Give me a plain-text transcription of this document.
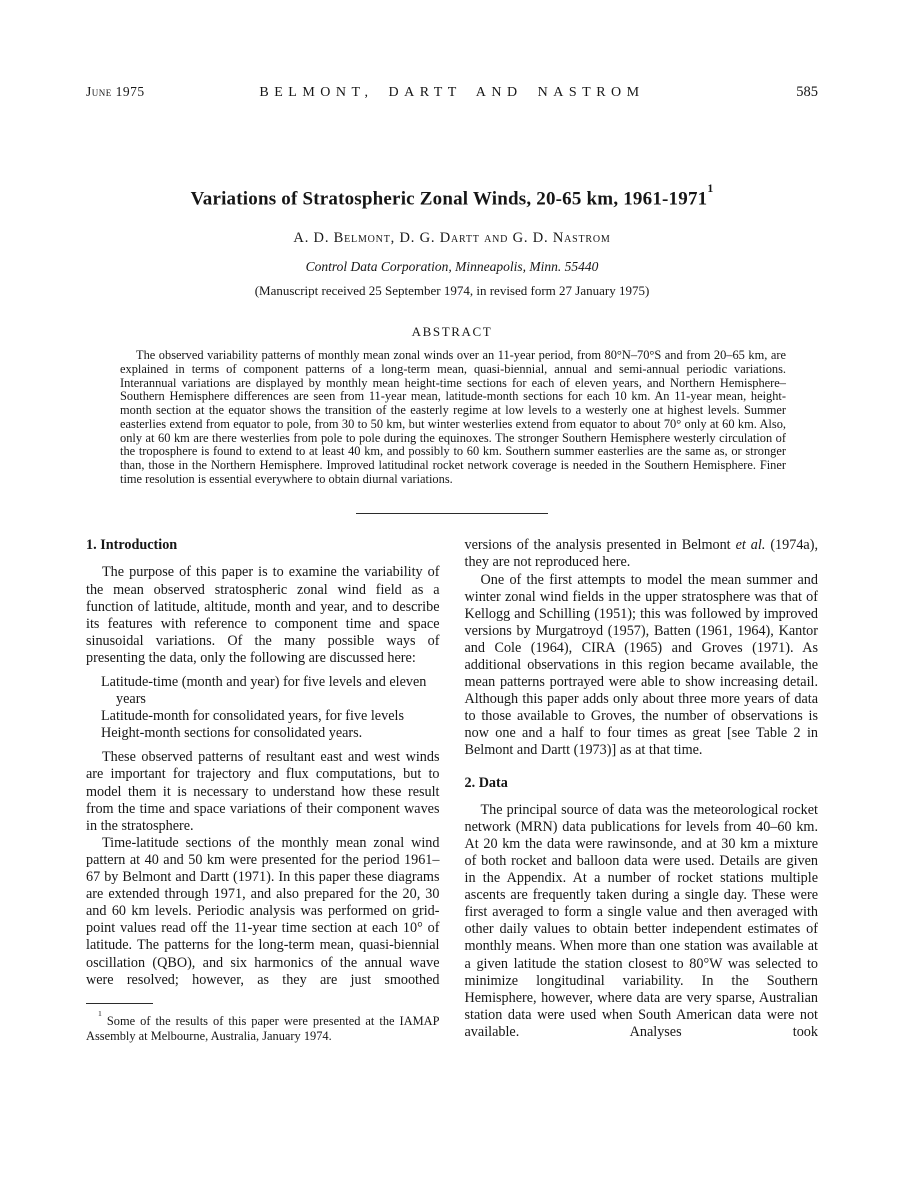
June 1975	BELMONT, DARTT AND NASTROM	585
Variations of Stratospheric Zonal Winds, 20-65 km, 1961-1971$^1$
A. D. Belmont, D. G. Dartt and G. D. Nastrom
Control Data Corporation, Minneapolis, Minn. 55440
(Manuscript received 25 September 1974, in revised form 27 January 1975)
ABSTRACT

The observed variability patterns of monthly mean zonal winds over an 11-year period, from 80°N–70°S and from 20–65 km, are explained in terms of component patterns of a long-term mean, quasi-biennial, annual and semi-annual periodic variations. Interannual variations are displayed by monthly mean height-time sections for each of eleven years, and Northern Hemisphere–Southern Hemisphere differences are seen from 11-year mean, latitude-month sections for each 10 km. An 11-year mean, height-month section at the equator shows the transition of the easterly regime at low levels to a westerly one at highest levels. Summer easterlies extend from equator to pole, from 30 to 50 km, but winter westerlies extend from equator to about 70° only at 60 km. Also, only at 60 km are there westerlies from pole to pole during the equinoxes. The stronger Southern Hemisphere westerly circulation of the troposphere is found to extend to at least 40 km, and possibly to 60 km. Southern summer easterlies are the same as, or stronger than, those in the Northern Hemisphere. Improved latitudinal rocket network coverage is needed in the Southern Hemisphere. Finer time resolution is essential everywhere to obtain diurnal variations.

1. Introduction

The purpose of this paper is to examine the variability of the mean observed stratospheric zonal wind field as a function of latitude, altitude, month and year, and to describe its features with reference to component time and space sinusoidal variations. Of the many possible ways of presenting the data, only the following are discussed here:

Latitude-time (month and year) for five levels and eleven years

Latitude-month for consolidated years, for five levels

Height-month sections for consolidated years.

These observed patterns of resultant east and west winds are important for trajectory and flux computations, but to model them it is necessary to understand how these result from the time and space variations of their component waves in the stratosphere.

Time-latitude sections of the monthly mean zonal wind pattern at 40 and 50 km were presented for the period 1961–67 by Belmont and Dartt (1971). In this paper these diagrams are extended through 1971, and also prepared for the 20, 30 and 60 km levels. Periodic analysis was performed on grid-point values read off the 11-year time section at each 10° of latitude. The patterns for the long-term mean, quasi-biennial oscillation (QBO), and six harmonics of the annual wave were resolved; however, as they are just smoothed

$^1$ Some of the results of this paper were presented at the IAMAP Assembly at Melbourne, Australia, January 1974.

versions of the analysis presented in Belmont et al. (1974a), they are not reproduced here.

One of the first attempts to model the mean summer and winter zonal wind fields in the upper stratosphere was that of Kellogg and Schilling (1951); this was followed by improved versions by Murgatroyd (1957), Batten (1961, 1964), Kantor and Cole (1964), CIRA (1965) and Groves (1971). As additional observations in this region became available, the mean patterns portrayed were able to show increasing detail. Although this paper adds only about three more years of data to those available to Groves, the number of observations is now one and a half to four times as great [see Table 2 in Belmont and Dartt (1973)] as at that time.

2. Data

The principal source of data was the meteorological rocket network (MRN) data publications for levels from 40–60 km. At 20 km the data were rawinsonde, and at 30 km a mixture of both rocket and balloon data were used. Details are given in the Appendix. At a number of rocket stations multiple ascents are frequently taken during a single day. These were first averaged to form a single value and then averaged with other daily values to obtain better independent estimates of monthly means. When more than one station was available at a given latitude the station closest to 80°W was selected to minimize longitudinal variability. In the Southern Hemisphere, however, where data are very sparse, Australian station data were used when South American data were not available. Analyses took
